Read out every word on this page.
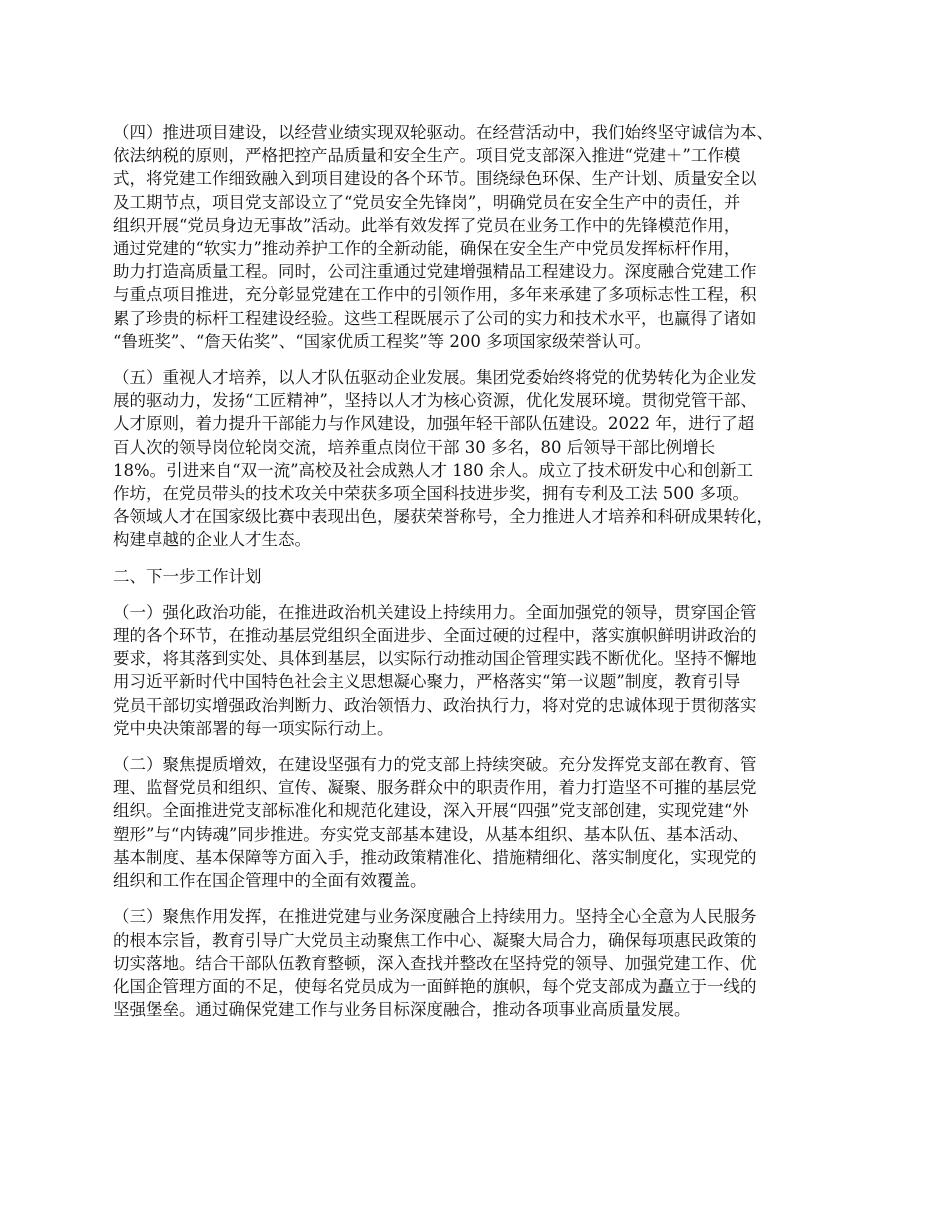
（四）推进项目建设，以经营业绩实现双轮驱动。在经营活动中，我们始终坚守诚信为本、
依法纳税的原则，严格把控产品质量和安全生产。项目党支部深入推进“党建＋”工作模
式，将党建工作细致融入到项目建设的各个环节。围绕绿色环保、生产计划、质量安全以
及工期节点，项目党支部设立了“党员安全先锋岗”，明确党员在安全生产中的责任，并
组织开展“党员身边无事故”活动。此举有效发挥了党员在业务工作中的先锋模范作用，
通过党建的“软实力”推动养护工作的全新动能，确保在安全生产中党员发挥标杆作用，
助力打造高质量工程。同时，公司注重通过党建增强精品工程建设力。深度融合党建工作
与重点项目推进，充分彰显党建在工作中的引领作用，多年来承建了多项标志性工程，积
累了珍贵的标杆工程建设经验。这些工程既展示了公司的实力和技术水平，也赢得了诸如
“鲁班奖”、“詹天佑奖”、“国家优质工程奖”等 200 多项国家级荣誉认可。
（五）重视人才培养，以人才队伍驱动企业发展。集团党委始终将党的优势转化为企业发
展的驱动力，发扬“工匠精神”，坚持以人才为核心资源，优化发展环境。贯彻党管干部、
人才原则，着力提升干部能力与作风建设，加强年轻干部队伍建设。2022 年，进行了超
百人次的领导岗位轮岗交流，培养重点岗位干部 30 多名，80 后领导干部比例增长
18%。引进来自“双一流”高校及社会成熟人才 180 余人。成立了技术研发中心和创新工
作坊，在党员带头的技术攻关中荣获多项全国科技进步奖，拥有专利及工法 500 多项。
各领域人才在国家级比赛中表现出色，屡获荣誉称号，全力推进人才培养和科研成果转化，
构建卓越的企业人才生态。
二、下一步工作计划
（一）强化政治功能，在推进政治机关建设上持续用力。全面加强党的领导，贯穿国企管
理的各个环节，在推动基层党组织全面进步、全面过硬的过程中，落实旗帜鲜明讲政治的
要求，将其落到实处、具体到基层，以实际行动推动国企管理实践不断优化。坚持不懈地
用习近平新时代中国特色社会主义思想凝心聚力，严格落实“第一议题”制度，教育引导
党员干部切实增强政治判断力、政治领悟力、政治执行力，将对党的忠诚体现于贯彻落实
党中央决策部署的每一项实际行动上。
（二）聚焦提质增效，在建设坚强有力的党支部上持续突破。充分发挥党支部在教育、管
理、监督党员和组织、宣传、凝聚、服务群众中的职责作用，着力打造坚不可摧的基层党
组织。全面推进党支部标准化和规范化建设，深入开展“四强”党支部创建，实现党建“外
塑形”与“内铸魂”同步推进。夯实党支部基本建设，从基本组织、基本队伍、基本活动、
基本制度、基本保障等方面入手，推动政策精准化、措施精细化、落实制度化，实现党的
组织和工作在国企管理中的全面有效覆盖。
（三）聚焦作用发挥，在推进党建与业务深度融合上持续用力。坚持全心全意为人民服务
的根本宗旨，教育引导广大党员主动聚焦工作中心、凝聚大局合力，确保每项惠民政策的
切实落地。结合干部队伍教育整顿，深入查找并整改在坚持党的领导、加强党建工作、优
化国企管理方面的不足，使每名党员成为一面鲜艳的旗帜，每个党支部成为矗立于一线的
坚强堡垒。通过确保党建工作与业务目标深度融合，推动各项事业高质量发展。
